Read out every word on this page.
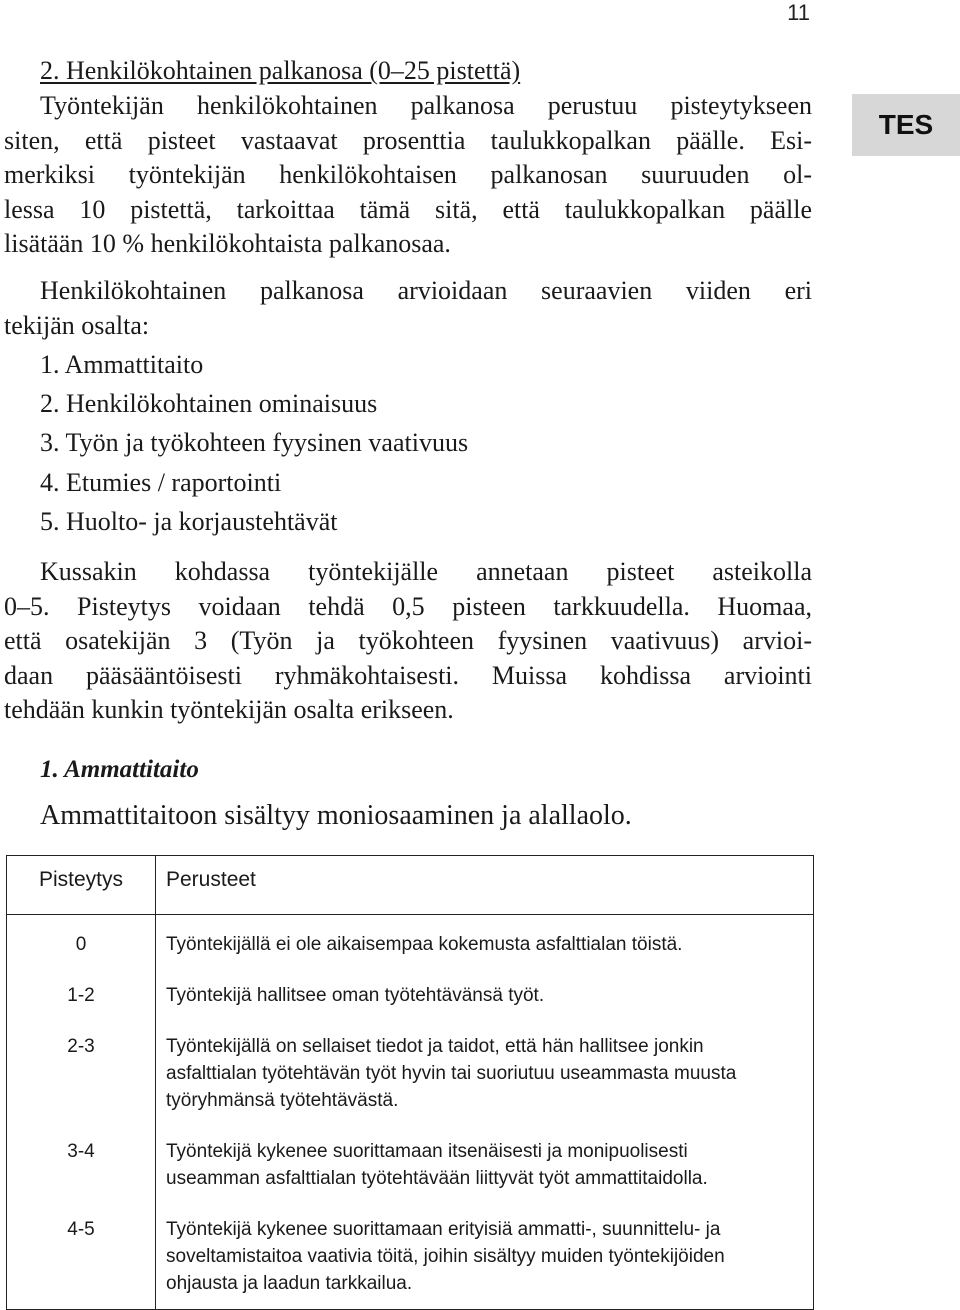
11
TES
2. Henkilökohtainen palkanosa (0–25 pistettä)
Työntekijän henkilökohtainen palkanosa perustuu pisteytykseen
siten, että pisteet vastaavat prosenttia taulukkopalkan päälle. Esi-
merkiksi työntekijän henkilökohtaisen palkanosan suuruuden ol-
lessa 10 pistettä, tarkoittaa tämä sitä, että taulukkopalkan päälle
lisätään 10 % henkilökohtaista palkanosaa.
Henkilökohtainen palkanosa arvioidaan seuraavien viiden eri
tekijän osalta:
1. Ammattitaito
2. Henkilökohtainen ominaisuus
3. Työn ja työkohteen fyysinen vaativuus
4. Etumies / raportointi
5. Huolto- ja korjaustehtävät
Kussakin kohdassa työntekijälle annetaan pisteet asteikolla
0–5. Pisteytys voidaan tehdä 0,5 pisteen tarkkuudella. Huomaa,
että osatekijän 3 (Työn ja työkohteen fyysinen vaativuus) arvioi-
daan pääsääntöisesti ryhmäkohtaisesti. Muissa kohdissa arviointi
tehdään kunkin työntekijän osalta erikseen.
1. Ammattitaito
Ammattitaitoon sisältyy moniosaaminen ja alallaolo.
Pisteytys	Perusteet
0	Työntekijällä ei ole aikaisempaa kokemusta asfalttialan töistä.

1-2	Työntekijä hallitsee oman työtehtävänsä työt.

2-3	Työntekijällä on sellaiset tiedot ja taidot, että hän hallitsee jonkin
asfalttialan työtehtävän työt hyvin tai suoriutuu useammasta muusta
työryhmänsä työtehtävästä.

3-4	Työntekijä kykenee suorittamaan itsenäisesti ja monipuolisesti
useamman asfalttialan työtehtävään liittyvät työt ammattitaidolla.

4-5	Työntekijä kykenee suorittamaan erityisiä ammatti-, suunnittelu- ja
soveltamistaitoa vaativia töitä, joihin sisältyy muiden työntekijöiden
ohjausta ja laadun tarkkailua.
